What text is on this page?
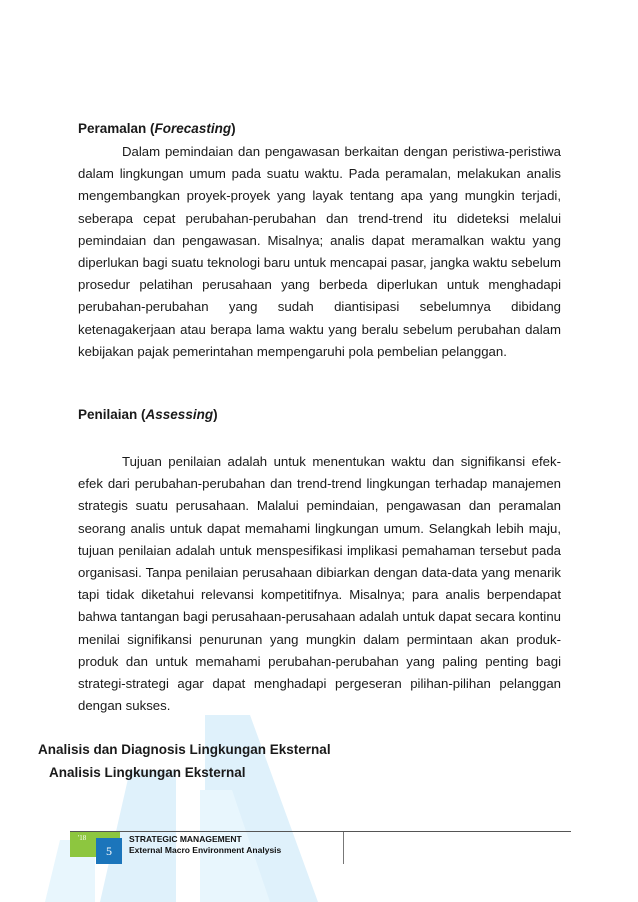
Peramalan (Forecasting)

Dalam pemindaian dan pengawasan berkaitan dengan peristiwa-peristiwa dalam lingkungan umum pada suatu waktu. Pada peramalan, melakukan analis mengembangkan proyek-proyek yang layak tentang apa yang mungkin terjadi, seberapa cepat perubahan-perubahan dan trend-trend itu dideteksi melalui pemindaian dan pengawasan. Misalnya; analis dapat meramalkan waktu yang diperlukan bagi suatu teknologi baru untuk mencapai pasar, jangka waktu sebelum prosedur pelatihan perusahaan yang berbeda diperlukan untuk menghadapi perubahan-perubahan yang sudah diantisipasi sebelumnya dibidang ketenagakerjaan atau berapa lama waktu yang beralu sebelum perubahan dalam kebijakan pajak pemerintahan mempengaruhi pola pembelian pelanggan.

Penilaian (Assessing)

Tujuan penilaian adalah untuk menentukan waktu dan signifikansi efek-efek dari perubahan-perubahan dan trend-trend lingkungan terhadap manajemen strategis suatu perusahaan. Malalui pemindaian, pengawasan dan peramalan seorang analis untuk dapat memahami lingkungan umum. Selangkah lebih maju, tujuan penilaian adalah untuk menspesifikasi implikasi pemahaman tersebut pada organisasi. Tanpa penilaian perusahaan dibiarkan dengan data-data yang menarik tapi tidak diketahui relevansi kompetitifnya. Misalnya; para analis berpendapat bahwa tantangan bagi perusahaan-perusahaan adalah untuk dapat secara kontinu menilai signifikansi penurunan yang mungkin dalam permintaan akan produk-produk dan untuk memahami perubahan-perubahan yang paling penting bagi strategi-strategi agar dapat menghadapi pergeseran pilihan-pilihan pelanggan dengan sukses.

Analisis dan Diagnosis Lingkungan Eksternal

Analisis Lingkungan Eksternal

'18
5
STRATEGIC MANAGEMENT
External Macro Environment Analysis
